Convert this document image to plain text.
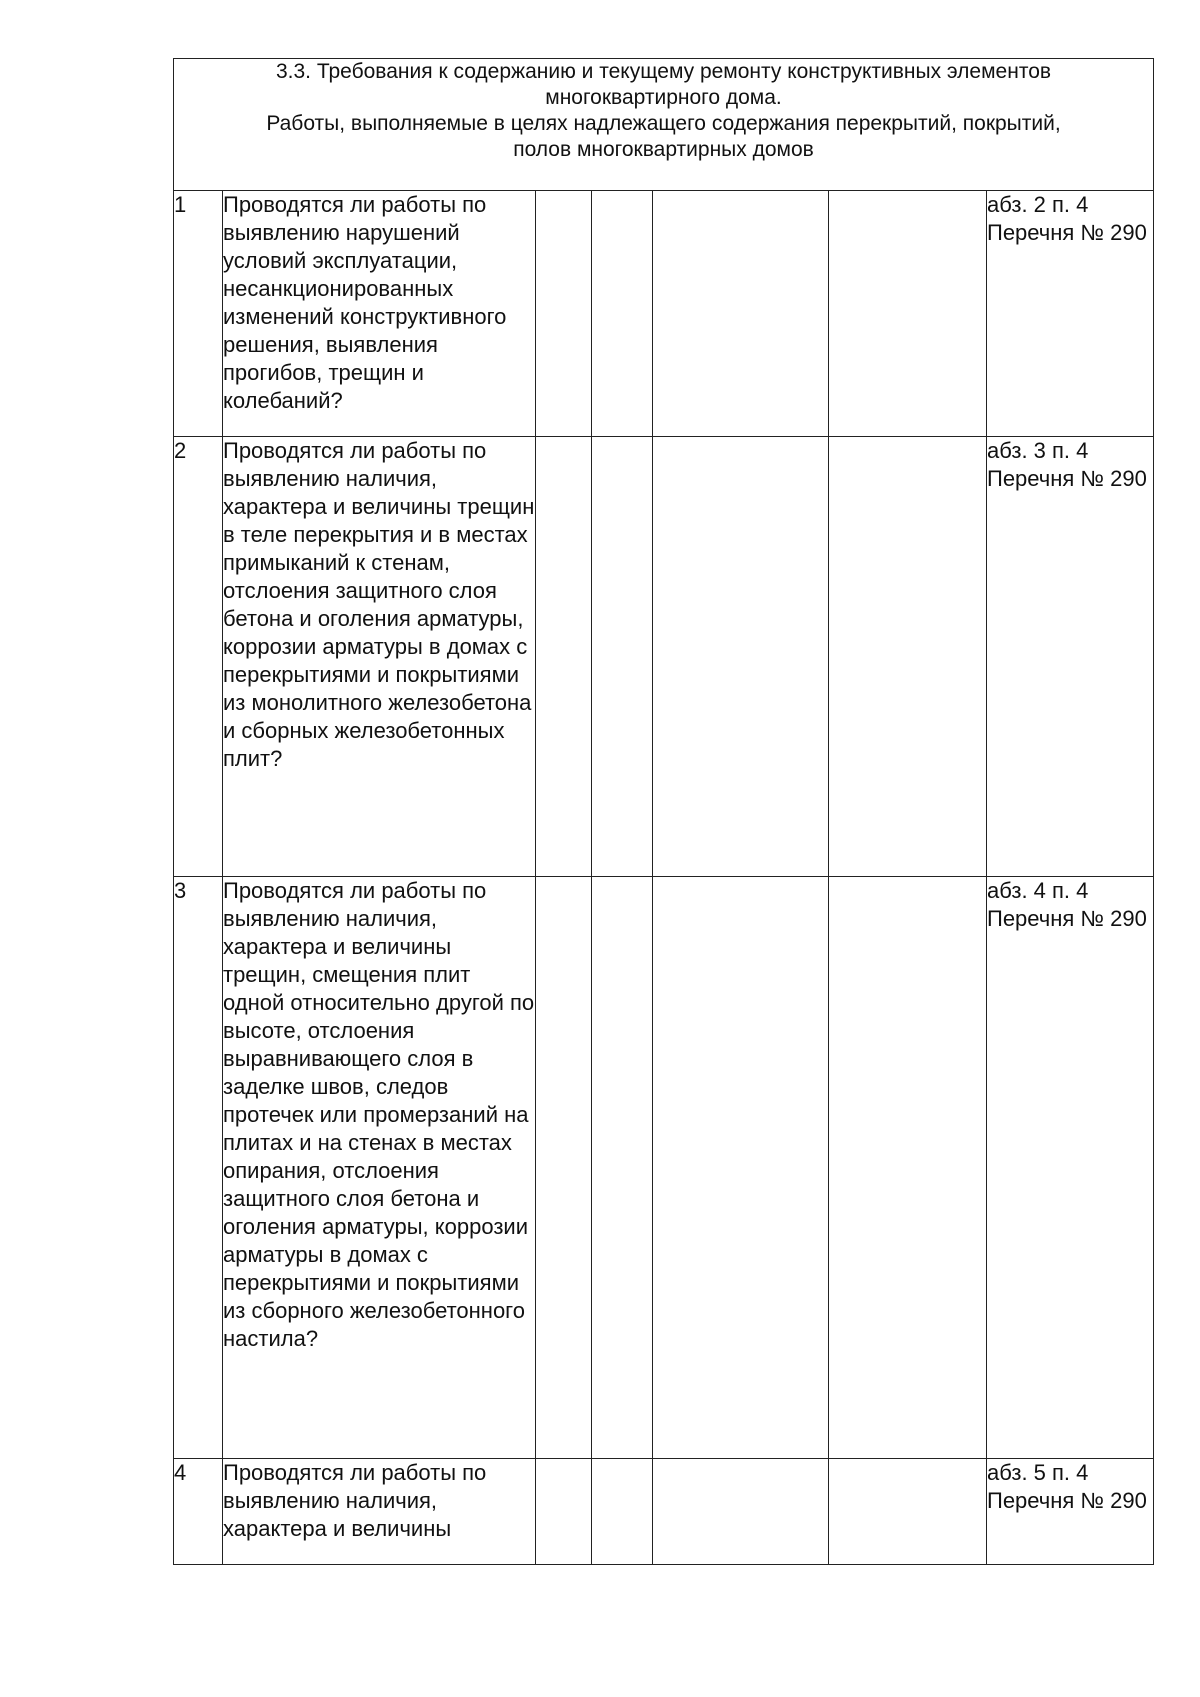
3.3. Требования к содержанию и текущему ремонту конструктивных элементов
многоквартирного дома.
Работы, выполняемые в целях надлежащего содержания перекрытий, покрытий,
полов многоквартирных домов						

1	Проводятся ли работы по выявлению нарушений условий эксплуатации, несанкционированных изменений конструктивного решения, выявления прогибов, трещин и колебаний?					абз. 2 п. 4 Перечня № 290
2	Проводятся ли работы по выявлению наличия, характера и величины трещин в теле перекрытия и в местах примыканий к стенам, отслоения защитного слоя бетона и оголения арматуры, коррозии арматуры в домах с перекрытиями и покрытиями из монолитного железобетона и сборных железобетонных плит?					абз. 3 п. 4 Перечня № 290
3	Проводятся ли работы по выявлению наличия, характера и величины трещин, смещения плит одной относительно другой по высоте, отслоения выравнивающего слоя в заделке швов, следов протечек или промерзаний на плитах и на стенах в местах опирания, отслоения защитного слоя бетона и оголения арматуры, коррозии арматуры в домах с перекрытиями и покрытиями из сборного железобетонного настила?					абз. 4 п. 4 Перечня № 290
4	Проводятся ли работы по выявлению наличия, характера и величины					абз. 5 п. 4 Перечня № 290
